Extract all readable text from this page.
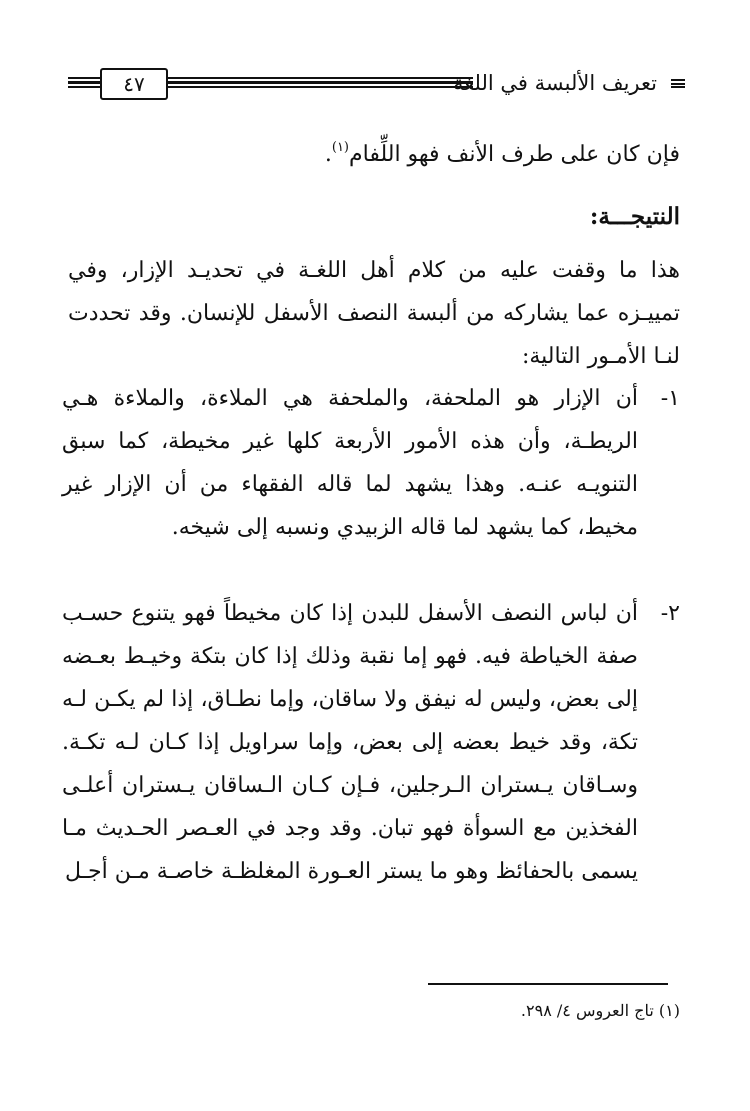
٤٧	تعريف الألبسة في اللغة
فإن كان على طرف الأنف فهو اللِّفام$^{(١)}$.
النتيجـــة:
هذا ما وقفت عليه من كلام أهل اللغـة في تحديـد الإزار، وفي تمييـزه عما يشاركه من ألبسة النصف الأسفل للإنسان. وقد تحددت لنـا الأمـور التالية:
١-
أن الإزار هو الملحفة، والملحفة هي الملاءة، والملاءة هـي الريطـة، وأن هذه الأمور الأربعة كلها غير مخيطة، كما سبق التنويـه عنـه. وهذا يشهد لما قاله الفقهاء من أن الإزار غير مخيط، كما يشهد لما قاله الزبيدي ونسبه إلى شيخه.
٢-
أن لباس النصف الأسفل للبدن إذا كان مخيطاً فهو يتنوع حسـب صفة الخياطة فيه. فهو إما نقبة وذلك إذا كان بتكة وخيـط بعـضه إلى بعض، وليس له نيفق ولا ساقان، وإما نطـاق، إذا لم يكـن لـه تكة، وقد خيط بعضه إلى بعض، وإما سراويل إذا كـان لـه تكـة. وسـاقان يـستران الـرجلين، فـإن كـان الـساقان يـستران أعلـى الفخذين مع السوأة فهو تبان. وقد وجد في العـصر الحـديث مـا يسمى بالحفائظ وهو ما يستر العـورة المغلظـة خاصـة مـن أجـل
(١) تاج العروس ٤/ ٢٩٨.
